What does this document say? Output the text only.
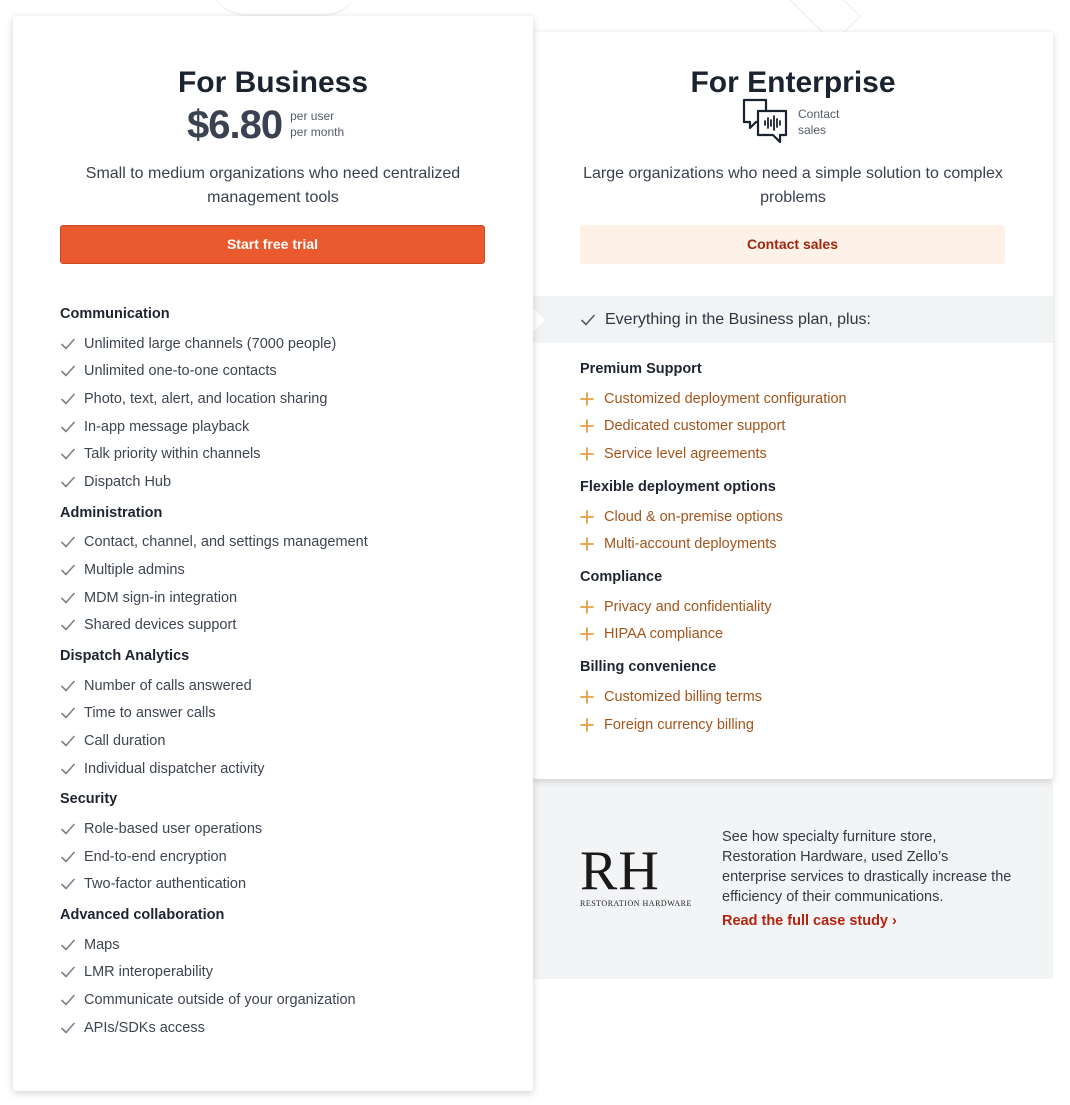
For Business
$6.80 per user
per month
Small to medium organizations who need centralized management tools
Start free trial
Communication
Unlimited large channels (7000 people)
Unlimited one-to-one contacts
Photo, text, alert, and location sharing
In-app message playback
Talk priority within channels
Dispatch Hub
Administration
Contact, channel, and settings management
Multiple admins
MDM sign-in integration
Shared devices support
Dispatch Analytics
Number of calls answered
Time to answer calls
Call duration
Individual dispatcher activity
Security
Role-based user operations
End-to-end encryption
Two-factor authentication
Advanced collaboration
Maps
LMR interoperability
Communicate outside of your organization
APIs/SDKs access
For Enterprise
Contact
sales
Large organizations who need a simple solution to complex problems
Contact sales
Everything in the Business plan, plus:
Premium Support
Customized deployment configuration
Dedicated customer support
Service level agreements
Flexible deployment options
Cloud & on-premise options
Multi-account deployments
Compliance
Privacy and confidentiality
HIPAA compliance
Billing convenience
Customized billing terms
Foreign currency billing
RH
RESTORATION HARDWARE
See how specialty furniture store, Restoration Hardware, used Zello’s enterprise services to drastically increase the efficiency of their communications.
Read the full case study ›
